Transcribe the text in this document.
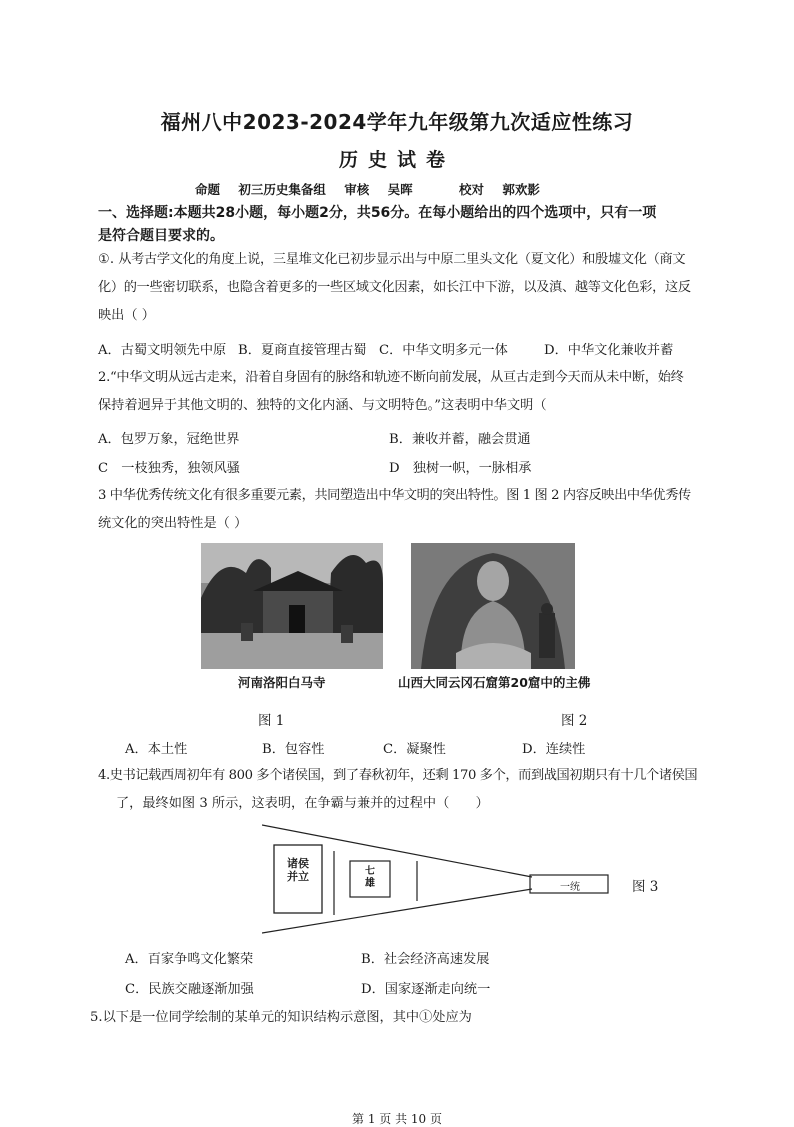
福州八中2023-2024学年九年级第九次适应性练习
历史试卷
命题 初三历史集备组 审核 吴晖	校对 郭欢影
一、选择题:本题共28小题，每小题2分，共56分。在每小题给出的四个选项中，只有一项
是符合题目要求的。
①. 从考古学文化的角度上说，三星堆文化已初步显示出与中原二里头文化（夏文化）和殷墟文化（商文
化）的一些密切联系，也隐含着更多的一些区域文化因素，如长江中下游，以及滇、越等文化色彩，这反
映出（ ）
A．古蜀文明领先中原 B．夏商直接管理古蜀 C．中华文明多元一体	D．中华文化兼收并蓄
2.“中华文明从远古走来，沿着自身固有的脉络和轨迹不断向前发展，从亘古走到今天而从未中断，始终
保持着迥异于其他文明的、独特的文化内涵、与文明特色。”这表明中华文明（
A．包罗万象，冠绝世界	B．兼收并蓄，融会贯通
C　一枝独秀，独领风骚	D　独树一帜，一脉相承
3 中华优秀传统文化有很多重要元素，共同塑造出中华文明的突出特性。图 1 图 2 内容反映出中华优秀传
统文化的突出特性是（ ）
河南洛阳白马寺	山西大同云冈石窟第20窟中的主佛
图 1	图 2
A．本土性	B．包容性	C．凝聚性	D．连续性
4.史书记载西周初年有 800 多个诸侯国，到了春秋初年，还剩 170 多个，而到战国初期只有十几个诸侯国
了，最终如图 3 所示，这表明，在争霸与兼并的过程中（　　）
诸侯并立	七雄	一统	图 3
A．百家争鸣文化繁荣	B．社会经济高速发展
C．民族交融逐渐加强	D．国家逐渐走向统一
5.以下是一位同学绘制的某单元的知识结构示意图，其中①处应为
第 1 页 共 10 页
